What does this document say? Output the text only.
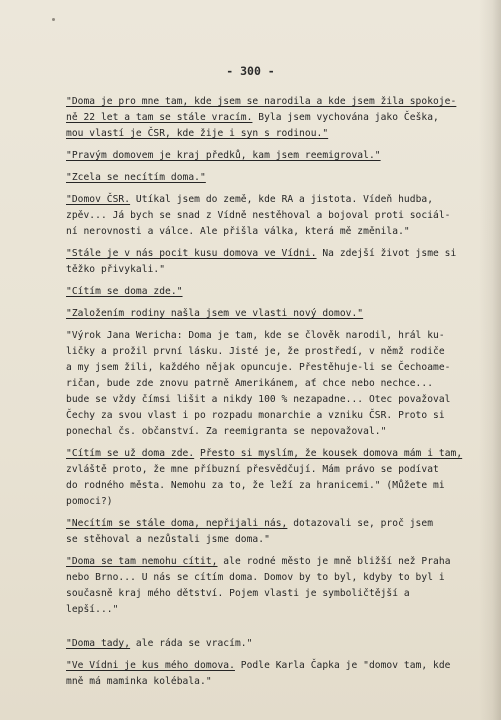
- 300 -
"Doma je pro mne tam, kde jsem se narodila a kde jsem žila spokoje-
ně 22 let a tam se stále vracím. Byla jsem vychována jako Češka,
mou vlastí je ČSR, kde žije i syn s rodinou."
"Pravým domovem je kraj předků, kam jsem reemigroval."
"Zcela se necítím doma."
"Domov ČSR. Utíkal jsem do země, kde RA a jistota. Vídeň hudba,
zpěv... Já bych se snad z Vídně nestěhoval a bojoval proti sociál-
ní nerovnosti a válce. Ale přišla válka, která mě změnila."
"Stále je v nás pocit kusu domova ve Vídni. Na zdejší život jsme si
těžko přivykali."
"Cítím se doma zde."
"Založením rodiny našla jsem ve vlasti nový domov."
"Výrok Jana Wericha: Doma je tam, kde se člověk narodil, hrál ku-
ličky a prožil první lásku. Jisté je, že prostředí, v němž rodiče
a my jsem žili, každého nějak opuncuje. Přestěhuje-li se Čechoame-
ričan, bude zde znovu patrně Amerikánem, ať chce nebo nechce...
bude se vždy čímsi lišit a nikdy 100 % nezapadne... Otec považoval
Čechy za svou vlast i po rozpadu monarchie a vzniku ČSR. Proto si
ponechal čs. občanství. Za reemigranta se nepovažoval."
"Cítím se už doma zde. Přesto si myslím, že kousek domova mám i tam,
zvláště proto, že mne příbuzní přesvědčují. Mám právo se podívat
do rodného města. Nemohu za to, že leží za hranicemi." (Můžete mi
pomoci?)
"Necítím se stále doma, nepřijali nás, dotazovali se, proč jsem
se stěhoval a nezůstali jsme doma."
"Doma se tam nemohu cítit, ale rodné město je mně bližší než Praha
nebo Brno... U nás se cítím doma. Domov by to byl, kdyby to byl i
současně kraj mého dětství. Pojem vlasti je symboličtější a lepší..."
"Doma tady, ale ráda se vracím."
"Ve Vídni je kus mého domova. Podle Karla Čapka je "domov tam, kde
mně má maminka kolébala."
